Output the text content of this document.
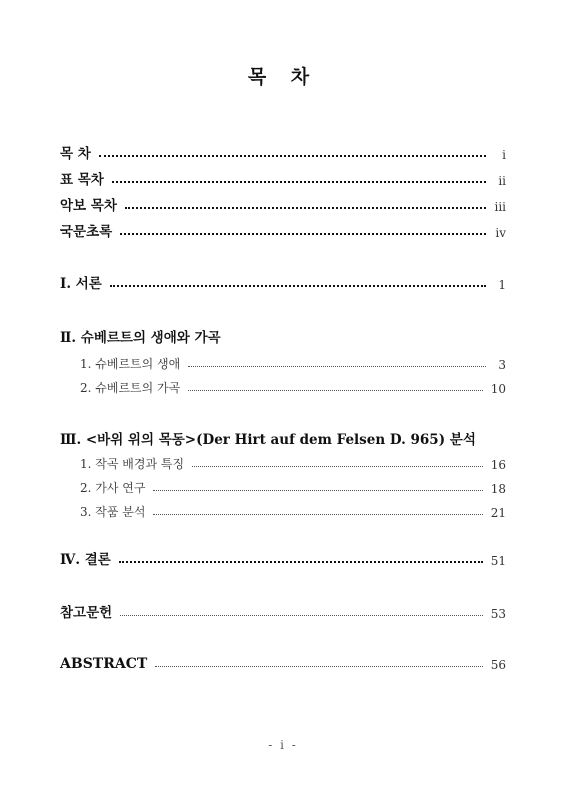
목 차
목 차	i
표 목차	ii
악보 목차	iii
국문초록	iv
Ⅰ. 서론	1
Ⅱ. 슈베르트의 생애와 가곡
1. 슈베르트의 생애	3
2. 슈베르트의 가곡	10
Ⅲ. <바위 위의 목동>(Der Hirt auf dem Felsen D. 965) 분석
1. 작곡 배경과 특징	16
2. 가사 연구	18
3. 작품 분석	21
Ⅳ. 결론	51
참고문헌	53
ABSTRACT	56
- i -
